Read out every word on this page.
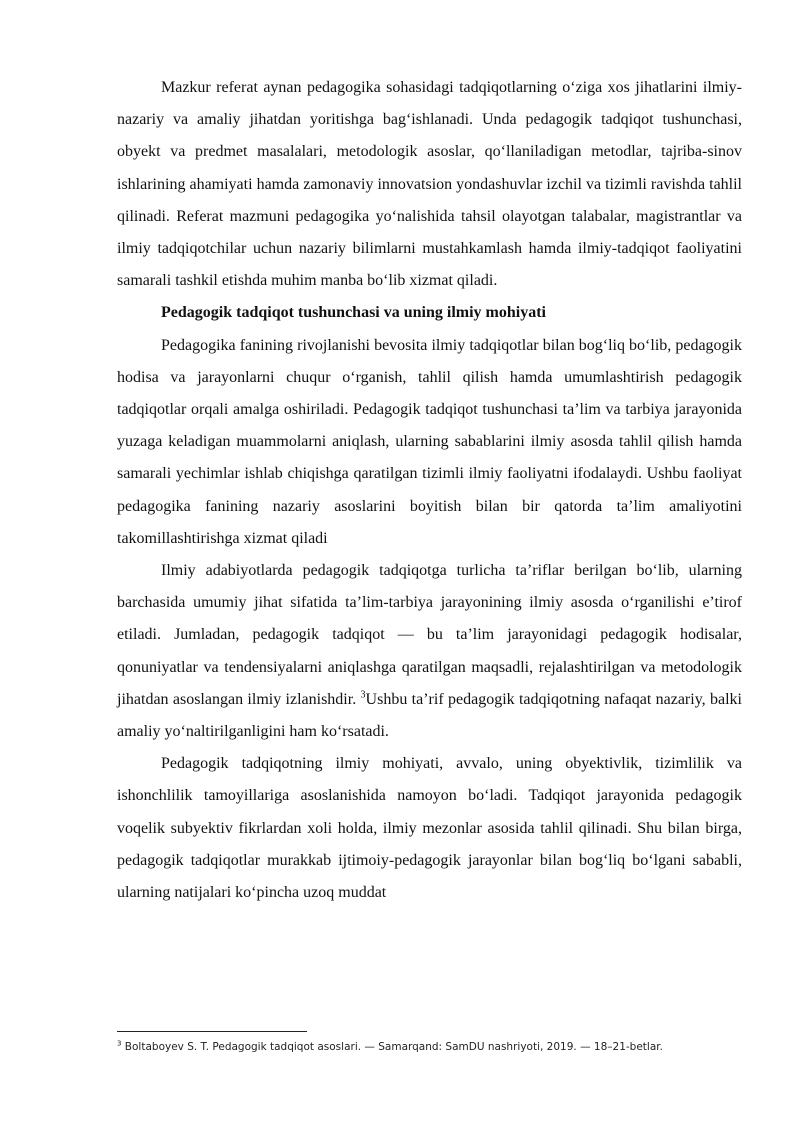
Mazkur referat aynan pedagogika sohasidagi tadqiqotlarning o‘ziga xos jihatlarini ilmiy-nazariy va amaliy jihatdan yoritishga bag‘ishlanadi. Unda pedagogik tadqiqot tushunchasi, obyekt va predmet masalalari, metodologik asoslar, qo‘llaniladigan metodlar, tajriba-sinov ishlarining ahamiyati hamda zamonaviy innovatsion yondashuvlar izchil va tizimli ravishda tahlil qilinadi. Referat mazmuni pedagogika yo‘nalishida tahsil olayotgan talabalar, magistrantlar va ilmiy tadqiqotchilar uchun nazariy bilimlarni mustahkamlash hamda ilmiy-tadqiqot faoliyatini samarali tashkil etishda muhim manba bo‘lib xizmat qiladi.

Pedagogik tadqiqot tushunchasi va uning ilmiy mohiyati

Pedagogika fanining rivojlanishi bevosita ilmiy tadqiqotlar bilan bog‘liq bo‘lib, pedagogik hodisa va jarayonlarni chuqur o‘rganish, tahlil qilish hamda umumlashtirish pedagogik tadqiqotlar orqali amalga oshiriladi. Pedagogik tadqiqot tushunchasi ta’lim va tarbiya jarayonida yuzaga keladigan muammolarni aniqlash, ularning sabablarini ilmiy asosda tahlil qilish hamda samarali yechimlar ishlab chiqishga qaratilgan tizimli ilmiy faoliyatni ifodalaydi. Ushbu faoliyat pedagogika fanining nazariy asoslarini boyitish bilan bir qatorda ta’lim amaliyotini takomillashtirishga xizmat qiladi

Ilmiy adabiyotlarda pedagogik tadqiqotga turlicha ta’riflar berilgan bo‘lib, ularning barchasida umumiy jihat sifatida ta’lim-tarbiya jarayonining ilmiy asosda o‘rganilishi e’tirof etiladi. Jumladan, pedagogik tadqiqot — bu ta’lim jarayonidagi pedagogik hodisalar, qonuniyatlar va tendensiyalarni aniqlashga qaratilgan maqsadli, rejalashtirilgan va metodologik jihatdan asoslangan ilmiy izlanishdir. $^3$Ushbu ta’rif pedagogik tadqiqotning nafaqat nazariy, balki amaliy yo‘naltirilganligini ham ko‘rsatadi.

Pedagogik tadqiqotning ilmiy mohiyati, avvalo, uning obyektivlik, tizimlilik va ishonchlilik tamoyillariga asoslanishida namoyon bo‘ladi. Tadqiqot jarayonida pedagogik voqelik subyektiv fikrlardan xoli holda, ilmiy mezonlar asosida tahlil qilinadi. Shu bilan birga, pedagogik tadqiqotlar murakkab ijtimoiy-pedagogik jarayonlar bilan bog‘liq bo‘lgani sababli, ularning natijalari ko‘pincha uzoq muddat

$^3$ Boltaboyev S. T. Pedagogik tadqiqot asoslari. — Samarqand: SamDU nashriyoti, 2019. — 18–21-betlar.
